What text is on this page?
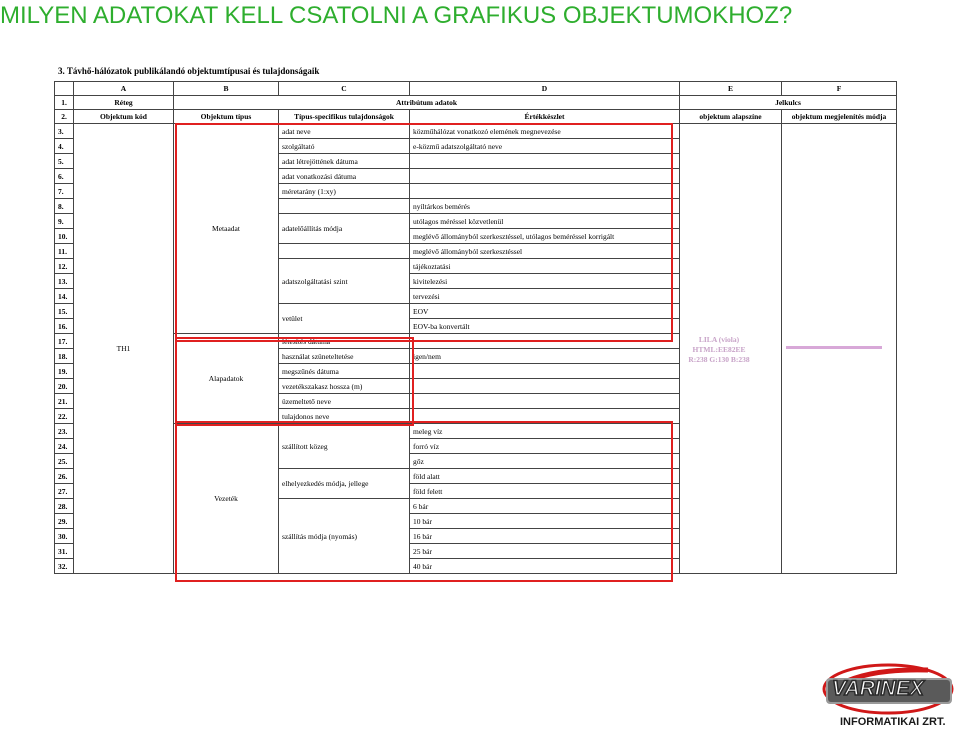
MILYEN ADATOKAT KELL CSATOLNI A GRAFIKUS OBJEKTUMOKHOZ?
3. Távhő-hálózatok publikálandó objektumtípusai és tulajdonságaik
	A	B	C	D	E	F
1.	Réteg	Attribútum adatok			Jelkulcs	
2.	Objektum kód	Objektum típus	Típus-specifikus tulajdonságok	Értékkészlet	objektum alapszíne	objektum megjelenítés módja
3.	TH1	Metaadat	adat neve	közműhálózat vonatkozó elemének megnevezése		
4.			szolgáltató	e-közmű adatszolgáltató neve		
5.			adat létrejöttének dátuma			
6.			adat vonatkozási dátuma			
7.			méretarány (1:xy)			
8.				nyíltárkos bemérés		
9.			adatelőállítás módja	utólagos méréssel közvetlenül		
10.				meglévő állományból szerkesztéssel, utólagos beméréssel korrigált		
11.				meglévő állományból szerkesztéssel		
12.			adatszolgáltatási szint	tájékoztatási		
13.				kivitelezési		
14.				tervezési		
15.			vetület	EOV		
16.				EOV-ba konvertált		
17.		Alapadatok	létesítés dátuma			
18.			használat szüneteltetése	igen/nem		
19.			megszűnés dátuma			
20.			vezetékszakasz hossza (m)			
21.			üzemeltető neve			
22.			tulajdonos neve			
23.		Vezeték	szállított közeg	meleg víz		
24.				forró víz		
25.				gőz		
26.			elhelyezkedés módja, jellege	föld alatt		
27.				föld felett		
28.			szállítás módja (nyomás)	6 bár		
29.				10 bár		
30.				16 bár		
31.				25 bár		
32.				40 bár		
LILA (viola)
HTML:EE82EE
R:238 G:130 B:238
VARINEX
INFORMATIKAI ZRT.
